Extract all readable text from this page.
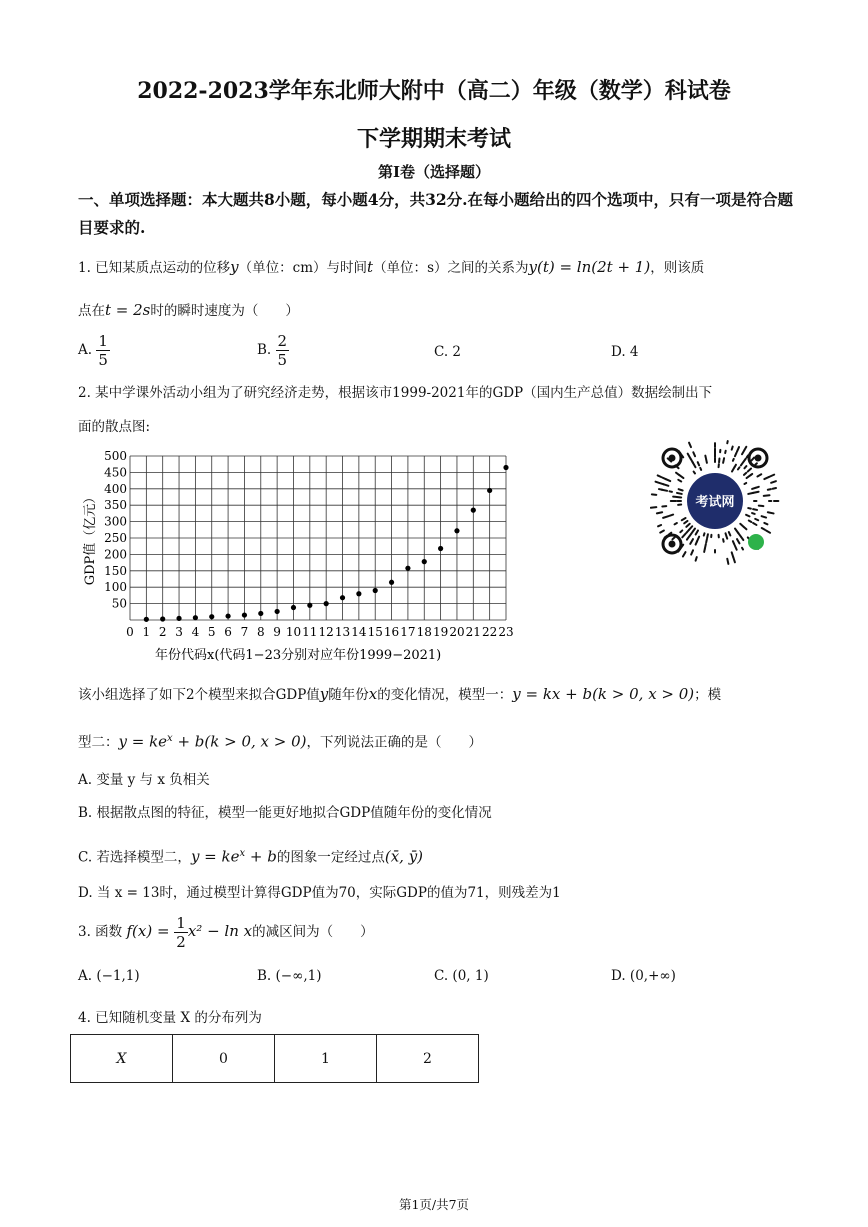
2022-2023学年东北师大附中（高二）年级（数学）科试卷
下学期期末考试
第I卷（选择题）
一、单项选择题：本大题共8小题，每小题4分，共32分.在每小题给出的四个选项中，只有一项是符合题目要求的.
1. 已知某质点运动的位移y（单位：cm）与时间t（单位：s）之间的关系为y(t) = ln(2t + 1)，则该质
点在t = 2s时的瞬时速度为（　　）
A. $\frac{1}{5}$	B. $\frac{2}{5}$	C. 2	D. 4
2. 某中学课外活动小组为了研究经济走势，根据该市1999-2021年的GDP（国内生产总值）数据绘制出下
面的散点图:
50
100
150
200
250
300
350
400
450
500
0 1 2 3 4 5 6 7 8 9 10 11 12 13 14 15 16 17 18 19 20 21 22 23
GDP值（亿元）
年份代码x(代码1−23分别对应年份1999−2021)
考试网
该小组选择了如下2个模型来拟合GDP值y随年份x的变化情况，模型一：y = kx + b(k > 0, x > 0)；模
型二：$y = ke^x + b(k > 0$, x > 0)，下列说法正确的是（　　）
A. 变量 y 与 x 负相关
B. 根据散点图的特征，模型一能更好地拟合GDP值随年份的变化情况
C. 若选择模型二，$y = ke^x + b$的图象一定经过点(x̄, ȳ)
D. 当 x = 13时，通过模型计算得GDP值为70，实际GDP的值为71，则残差为1
3. 函数 $f(x) = \frac{1}{2} x^2 - \ln x$的减区间为（　　）
A. (−1,1)	B. (−∞,1)	C. (0, 1)	D. (0,+∞)
4. 已知随机变量 X 的分布列为
X	0	1	2
第1页/共7页
